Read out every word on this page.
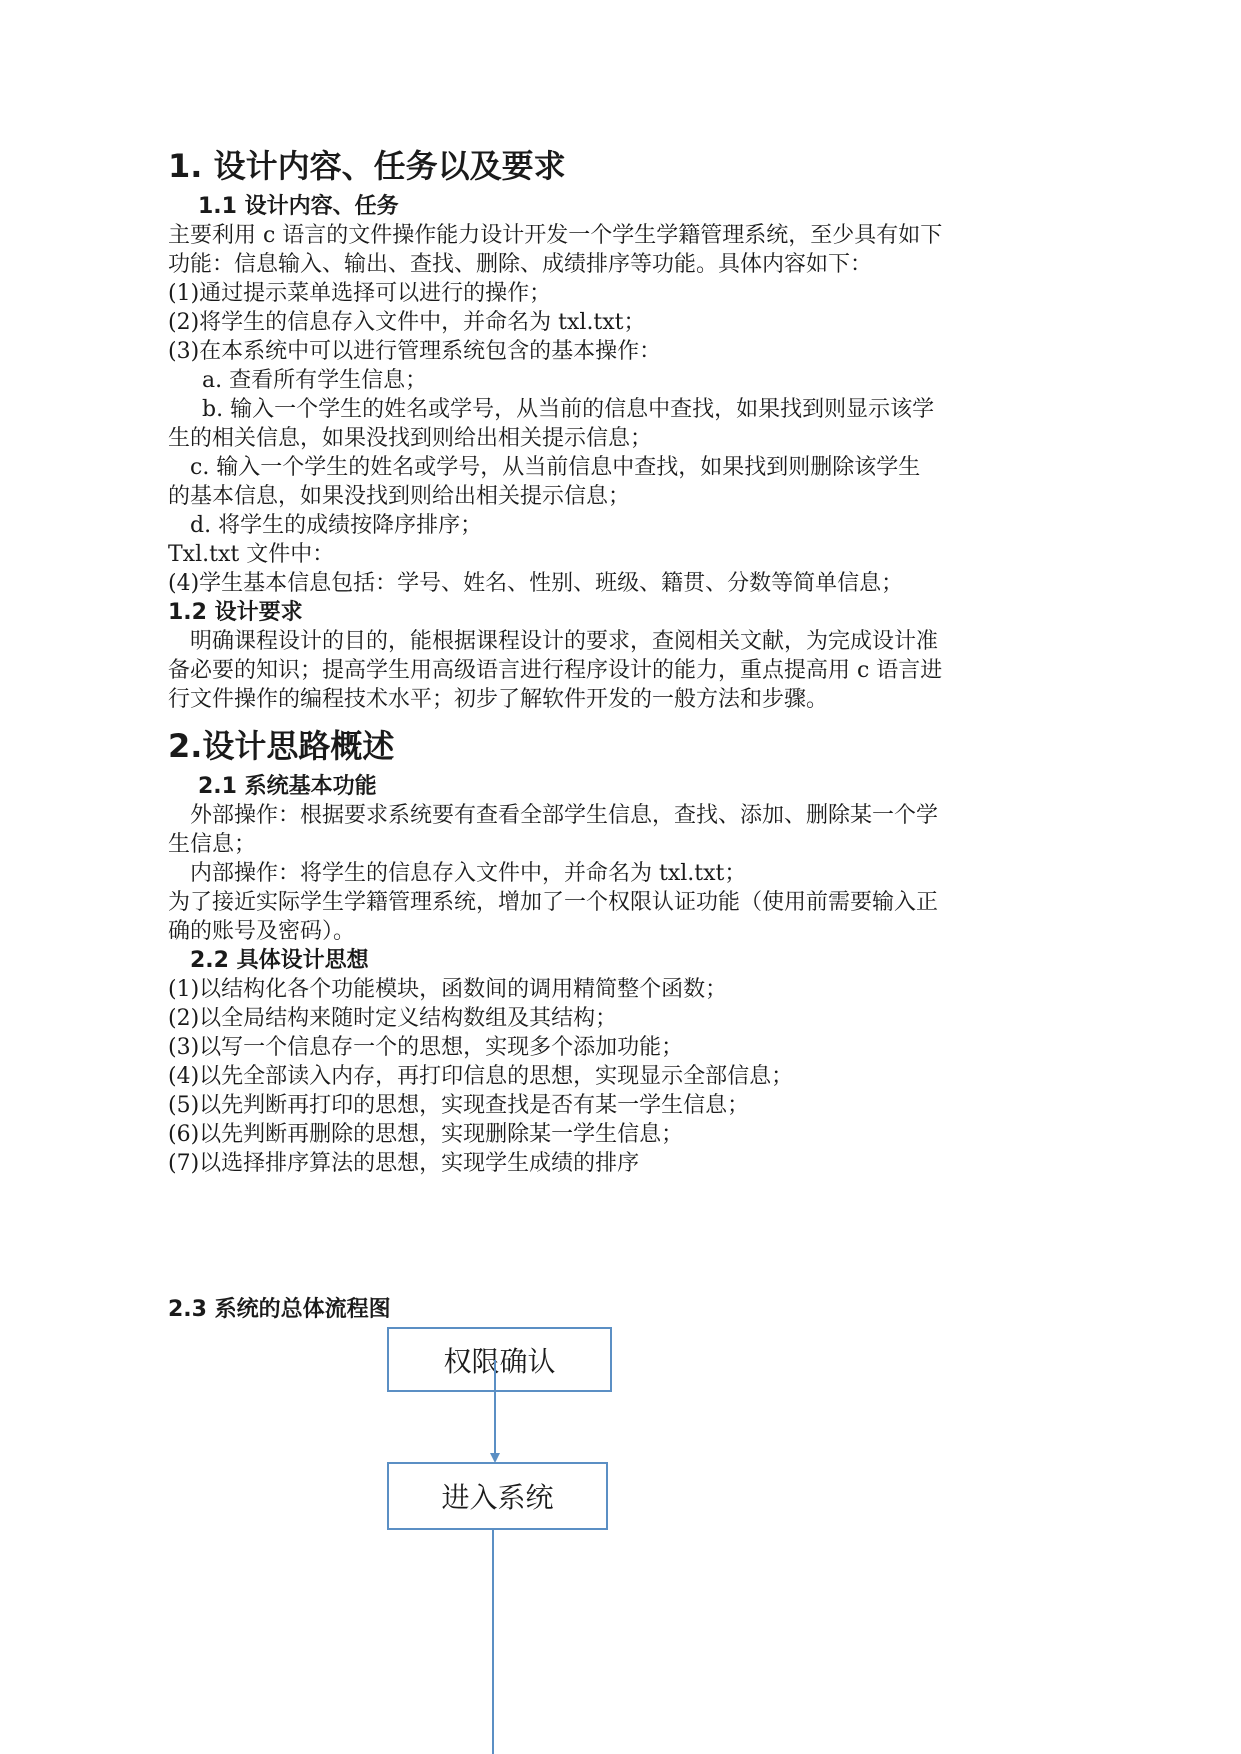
1. 设计内容、任务以及要求
1.1 设计内容、任务
主要利用 c 语言的文件操作能力设计开发一个学生学籍管理系统，至少具有如下
功能：信息输入、输出、查找、删除、成绩排序等功能。具体内容如下：
(1)通过提示菜单选择可以进行的操作；
(2)将学生的信息存入文件中，并命名为 txl.txt；
(3)在本系统中可以进行管理系统包含的基本操作：
a. 查看所有学生信息；
b. 输入一个学生的姓名或学号，从当前的信息中查找，如果找到则显示该学
生的相关信息，如果没找到则给出相关提示信息；
c. 输入一个学生的姓名或学号，从当前信息中查找，如果找到则删除该学生
的基本信息，如果没找到则给出相关提示信息；
d. 将学生的成绩按降序排序；
Txl.txt 文件中：
(4)学生基本信息包括：学号、姓名、性别、班级、籍贯、分数等简单信息；
1.2 设计要求
明确课程设计的目的，能根据课程设计的要求，查阅相关文献，为完成设计准
备必要的知识；提高学生用高级语言进行程序设计的能力，重点提高用 c 语言进
行文件操作的编程技术水平；初步了解软件开发的一般方法和步骤。
2.设计思路概述
2.1 系统基本功能
外部操作：根据要求系统要有查看全部学生信息，查找、添加、删除某一个学
生信息；
内部操作：将学生的信息存入文件中，并命名为 txl.txt；
为了接近实际学生学籍管理系统，增加了一个权限认证功能（使用前需要输入正
确的账号及密码）。
2.2 具体设计思想
(1)以结构化各个功能模块，函数间的调用精简整个函数；
(2)以全局结构来随时定义结构数组及其结构；
(3)以写一个信息存一个的思想，实现多个添加功能；
(4)以先全部读入内存，再打印信息的思想，实现显示全部信息；
(5)以先判断再打印的思想，实现查找是否有某一学生信息；
(6)以先判断再删除的思想，实现删除某一学生信息；
(7)以选择排序算法的思想，实现学生成绩的排序
2.3 系统的总体流程图
权限确认
进入系统
